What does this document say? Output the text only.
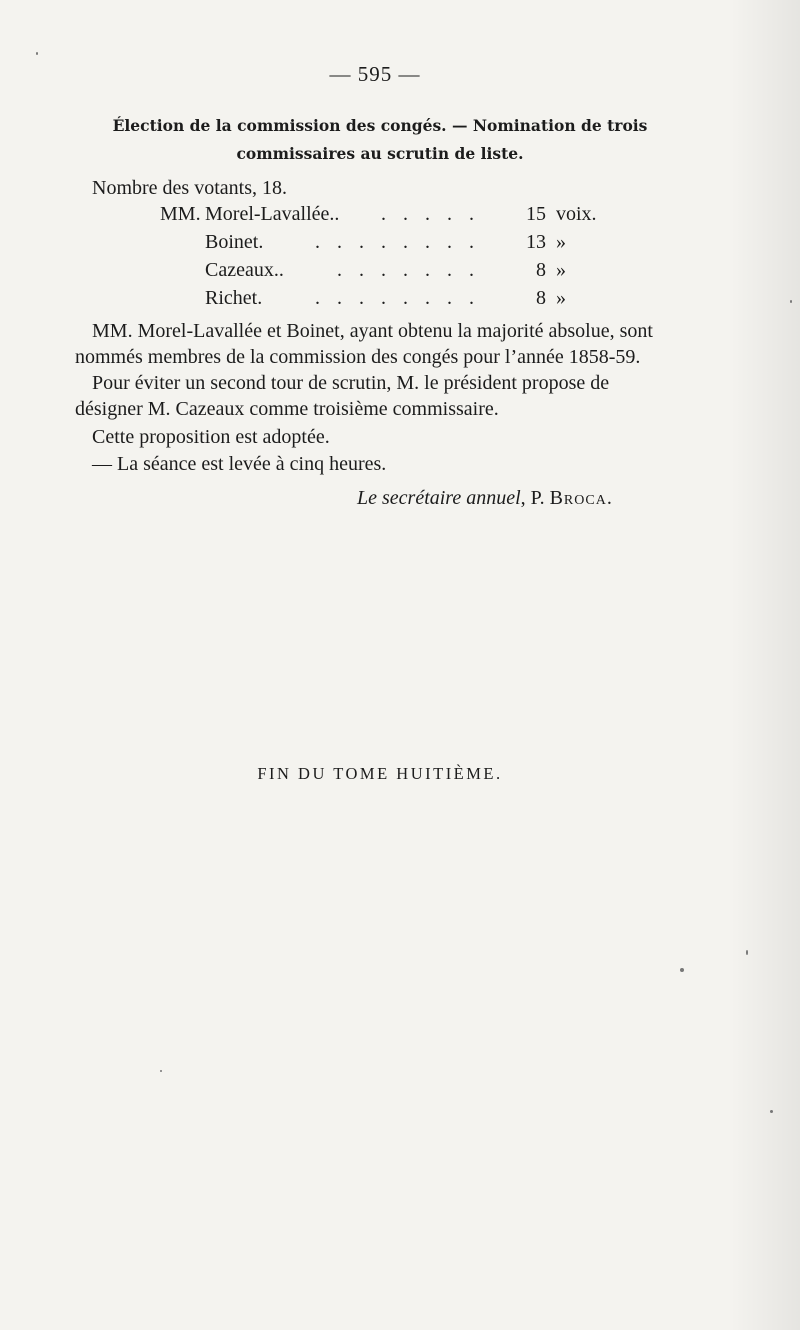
— 595 —
Élection de la commission des congés. — Nomination de trois
commissaires au scrutin de liste.
Nombre des votants, 18.
MM. Morel-Lavallée..	. . . . .	15 voix.
Boinet.	. . . . . . . .	13 »
Cazeaux..	. . . . . . .	8 »
Richet.	. . . . . . . .	8 »
MM. Morel-Lavallée et Boinet, ayant obtenu la majorité absolue, sont
nommés membres de la commission des congés pour l’année 1858-59.
Pour éviter un second tour de scrutin, M. le président propose de
désigner M. Cazeaux comme troisième commissaire.
Cette proposition est adoptée.
— La séance est levée à cinq heures.
Le secrétaire annuel, P. Broca.
FIN DU TOME HUITIÈME.
